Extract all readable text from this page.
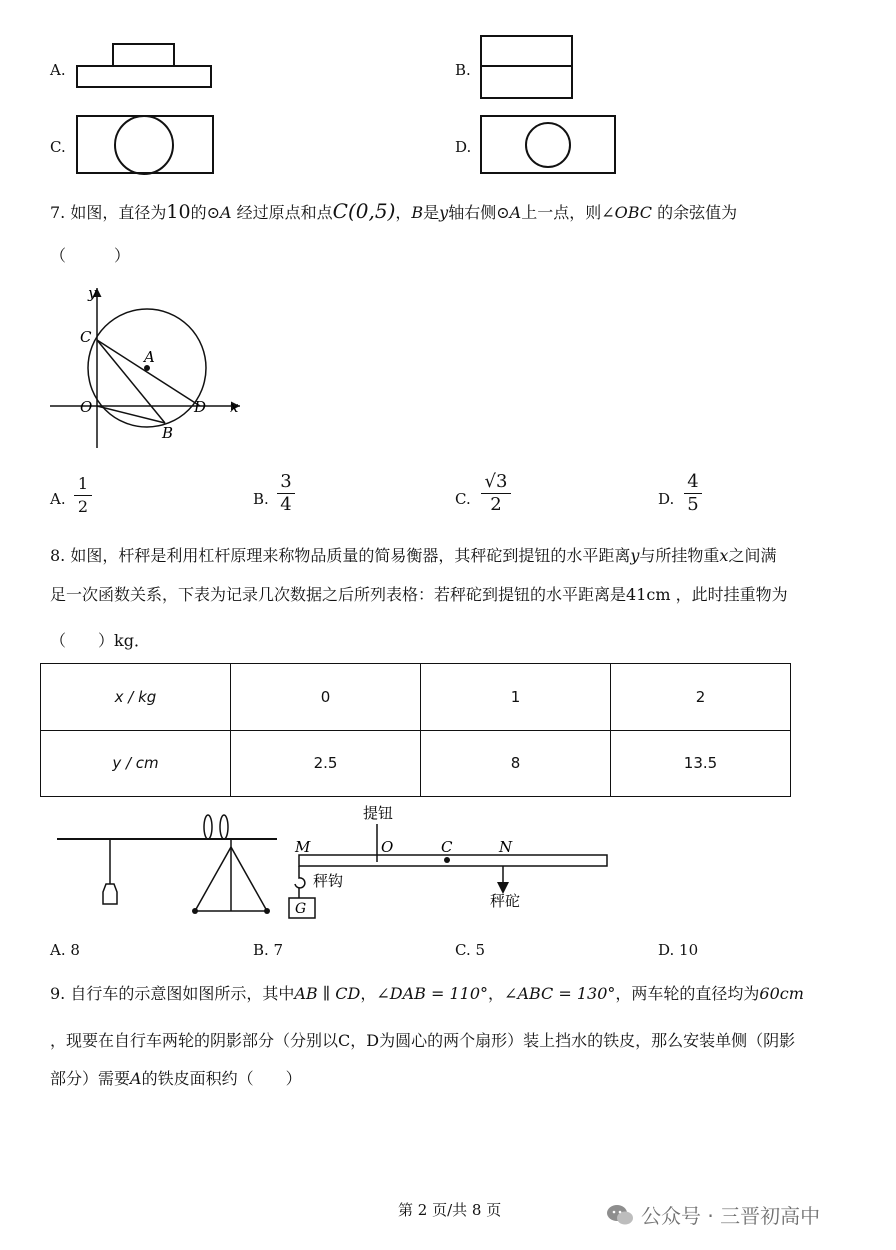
A.	B.
C.	D.
7. 如图，直径为10的⊙A 经过原点和点C(0,5)，B是y轴右侧⊙A上一点，则∠OBC 的余弦值为
（　　　）
y
x
C
A
O	D
B
A.
1
2	B.
3
4	C.
√3
2	D.
4
5
8. 如图，杆秤是利用杠杆原理来称物品质量的简易衡器，其秤砣到提钮的水平距离y与所挂物重x之间满
足一次函数关系，下表为记录几次数据之后所列表格：若秤砣到提钮的水平距离是41cm ，此时挂重物为
（　　）kg．
x / kg	0	1	2
y / cm	2.5	8	13.5
提钮
M	O	C	N
秤砣
秤钩
G
A. 8	B. 7	C. 5	D. 10
9. 自行车的示意图如图所示，其中AB ∥ CD，∠DAB = 110°，∠ABC = 130°，两车轮的直径均为60cm
，现要在自行车两轮的阴影部分（分别以C，D为圆心的两个扇形）装上挡水的铁皮，那么安装单侧（阴影
部分）需要A的铁皮面积约（　　）
第 2 页/共 8 页	公众号 · 三晋初高中
